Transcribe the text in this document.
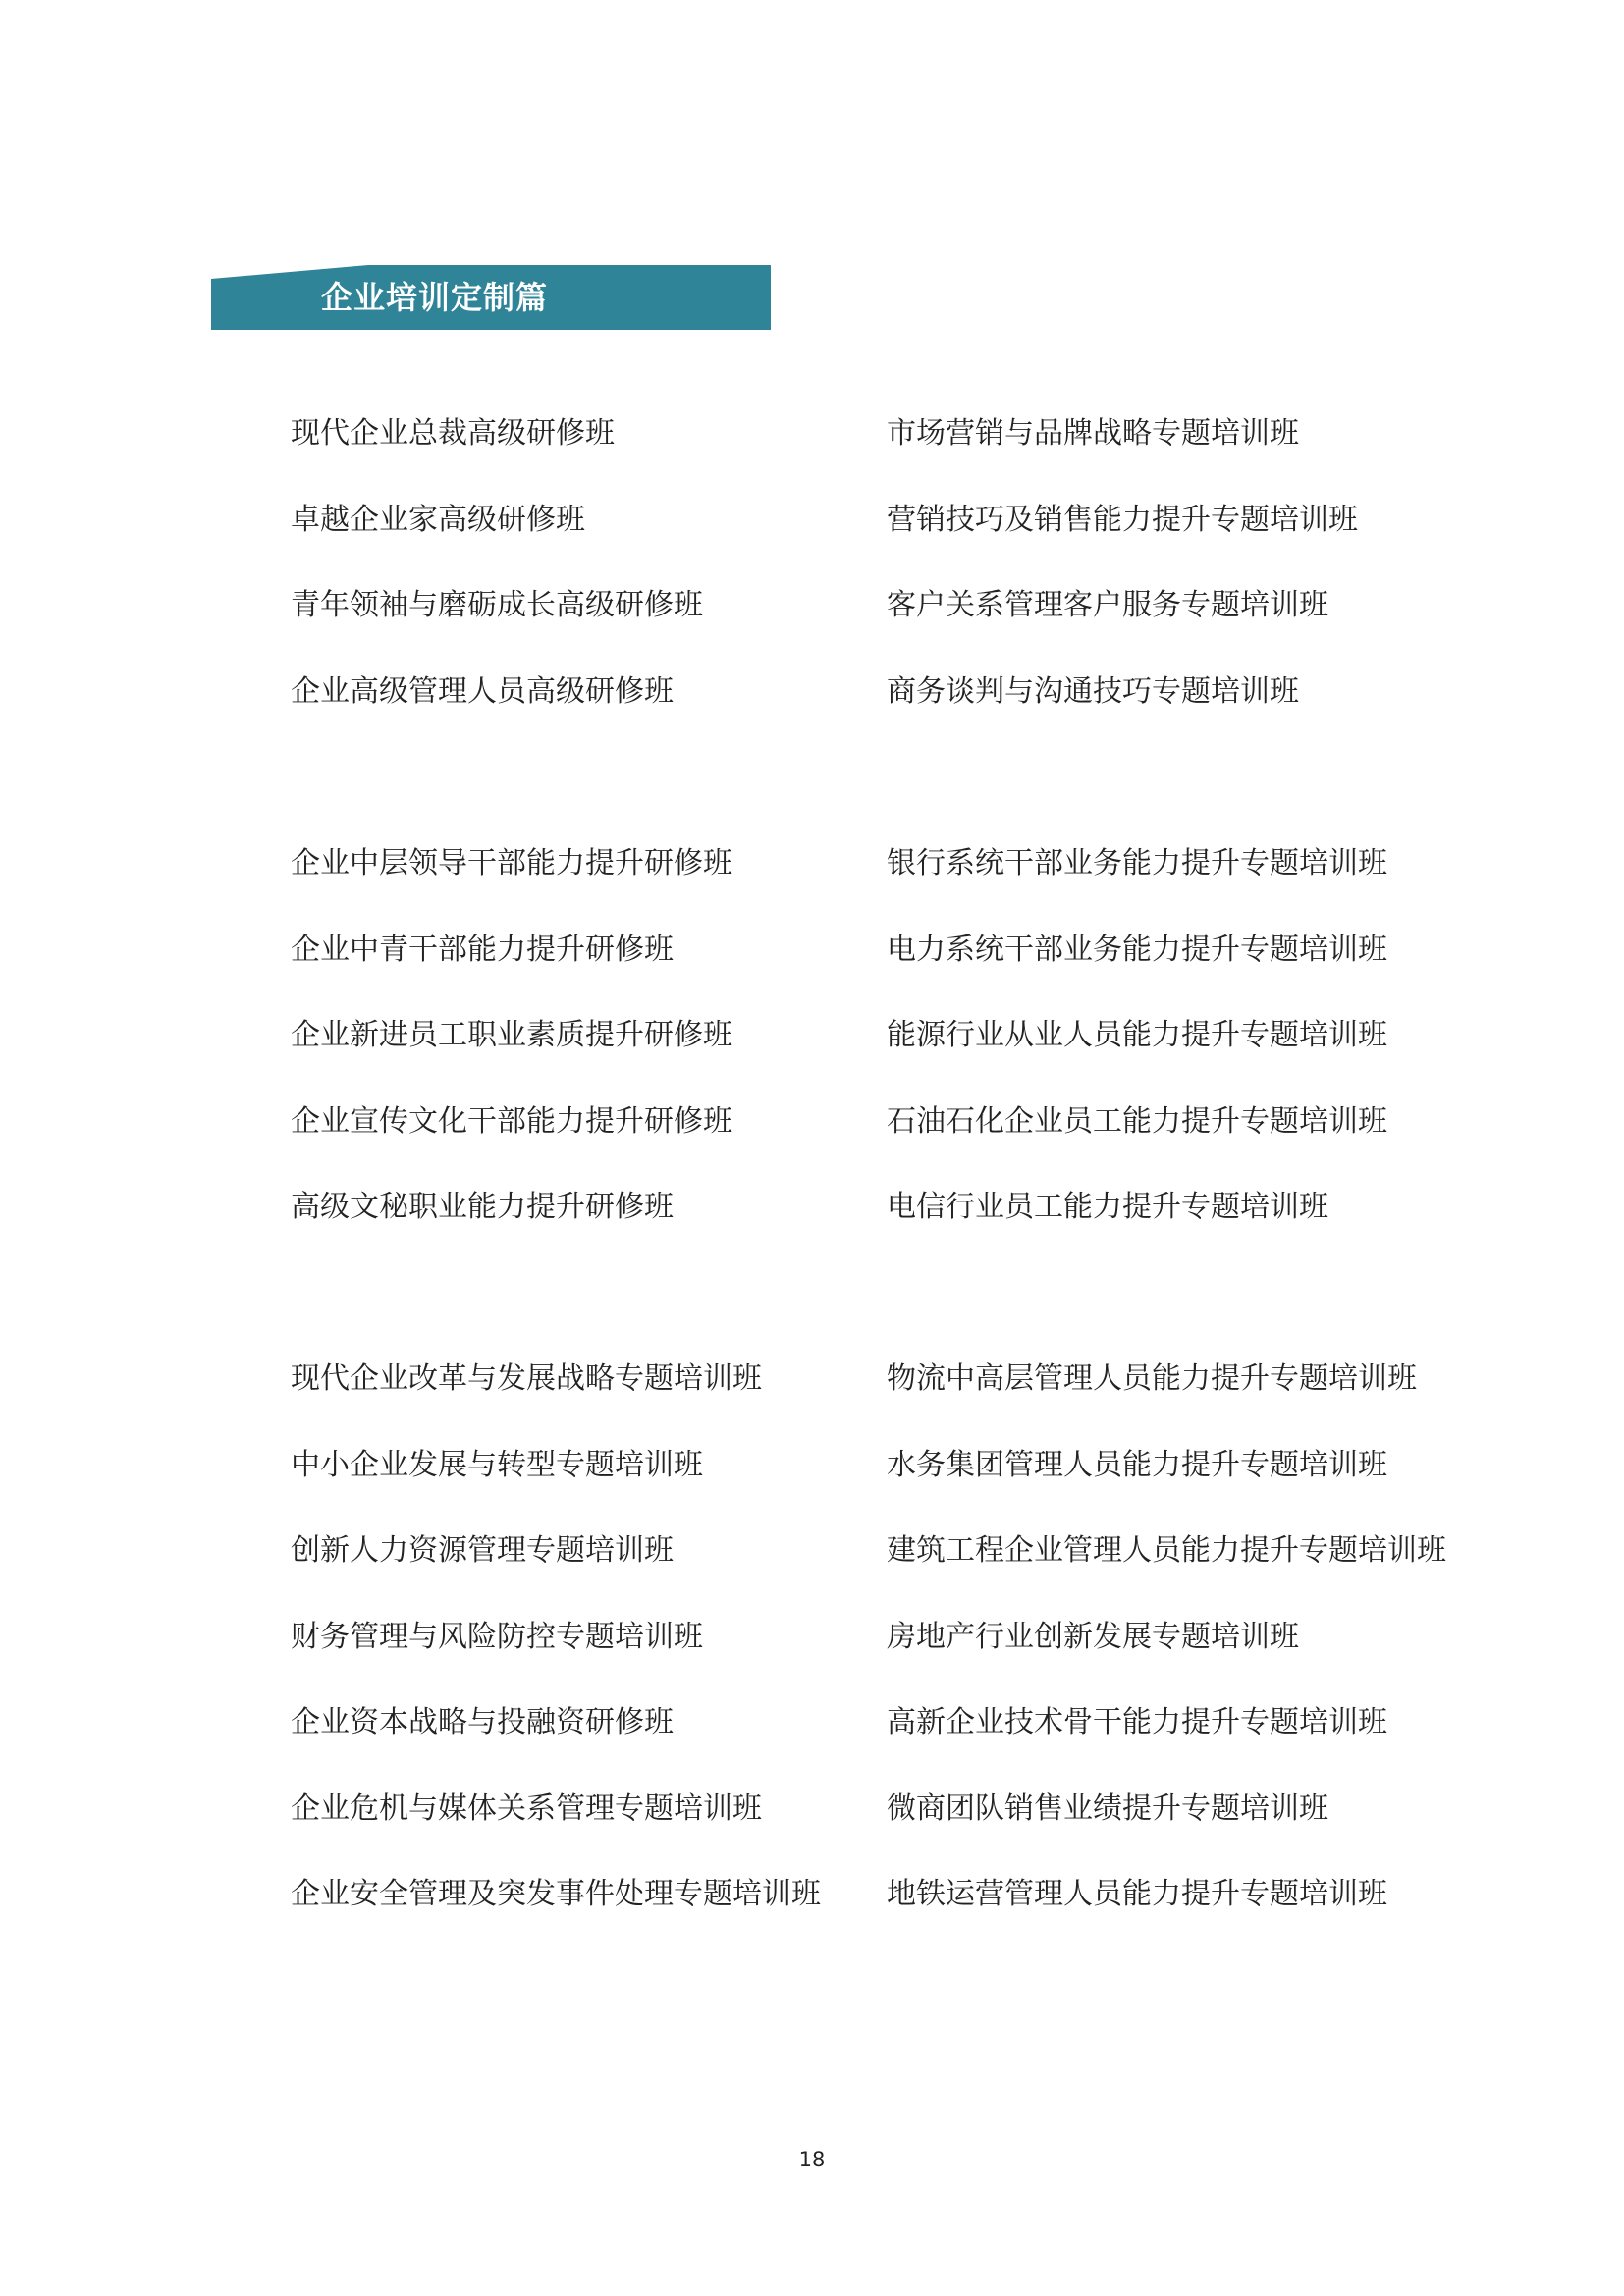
企业培训定制篇
现代企业总裁高级研修班
卓越企业家高级研修班
青年领袖与磨砺成长高级研修班
企业高级管理人员高级研修班
市场营销与品牌战略专题培训班
营销技巧及销售能力提升专题培训班
客户关系管理客户服务专题培训班
商务谈判与沟通技巧专题培训班
企业中层领导干部能力提升研修班
企业中青干部能力提升研修班
企业新进员工职业素质提升研修班
企业宣传文化干部能力提升研修班
高级文秘职业能力提升研修班
银行系统干部业务能力提升专题培训班
电力系统干部业务能力提升专题培训班
能源行业从业人员能力提升专题培训班
石油石化企业员工能力提升专题培训班
电信行业员工能力提升专题培训班
现代企业改革与发展战略专题培训班
中小企业发展与转型专题培训班
创新人力资源管理专题培训班
财务管理与风险防控专题培训班
企业资本战略与投融资研修班
企业危机与媒体关系管理专题培训班
企业安全管理及突发事件处理专题培训班
物流中高层管理人员能力提升专题培训班
水务集团管理人员能力提升专题培训班
建筑工程企业管理人员能力提升专题培训班
房地产行业创新发展专题培训班
高新企业技术骨干能力提升专题培训班
微商团队销售业绩提升专题培训班
地铁运营管理人员能力提升专题培训班
18
